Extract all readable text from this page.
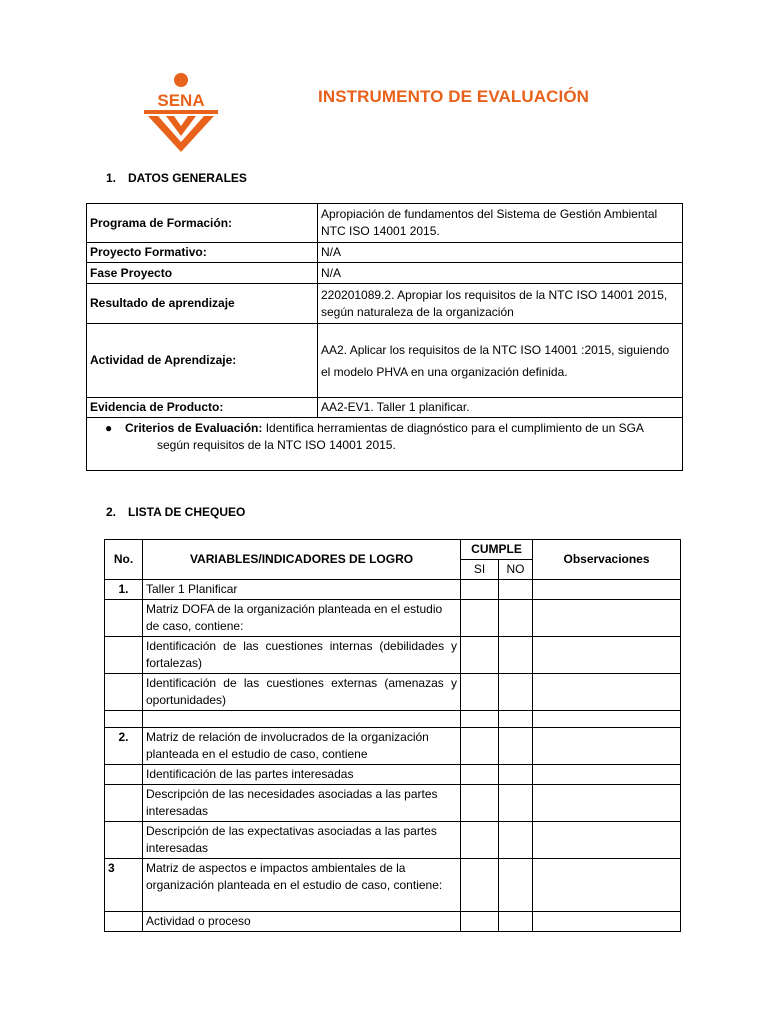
SENA	INSTRUMENTO DE EVALUACIÓN
1. DATOS GENERALES
Programa de Formación:	Apropiación de fundamentos del Sistema de Gestión Ambiental NTC ISO 14001 2015.
Proyecto Formativo:	N/A
Fase Proyecto	N/A
Resultado de aprendizaje	220201089.2. Apropiar los requisitos de la NTC ISO 14001 2015, según naturaleza de la organización
Actividad de Aprendizaje:	AA2. Aplicar los requisitos de la NTC ISO 14001 :2015, siguiendo el modelo PHVA en una organización definida.
Evidencia de Producto:	AA2-EV1. Taller 1 planificar.
● Criterios de Evaluación: Identifica herramientas de diagnóstico para el cumplimiento de un SGA
según requisitos de la NTC ISO 14001 2015.	
2. LISTA DE CHEQUEO
No.	VARIABLES/INDICADORES DE LOGRO	CUMPLE		Observaciones
		SI	NO	
1.	Taller 1 Planificar			
	Matriz DOFA de la organización planteada en el estudio de caso, contiene:			
	Identificación de las cuestiones internas (debilidades y fortalezas)			
	Identificación de las cuestiones externas (amenazas y oportunidades)			

2.	Matriz de relación de involucrados de la organización planteada en el estudio de caso, contiene			
	Identificación de las partes interesadas			
	Descripción de las necesidades asociadas a las partes interesadas			
	Descripción de las expectativas asociadas a las partes interesadas			
3	Matriz de aspectos e impactos ambientales de la organización planteada en el estudio de caso, contiene:			
	Actividad o proceso			
